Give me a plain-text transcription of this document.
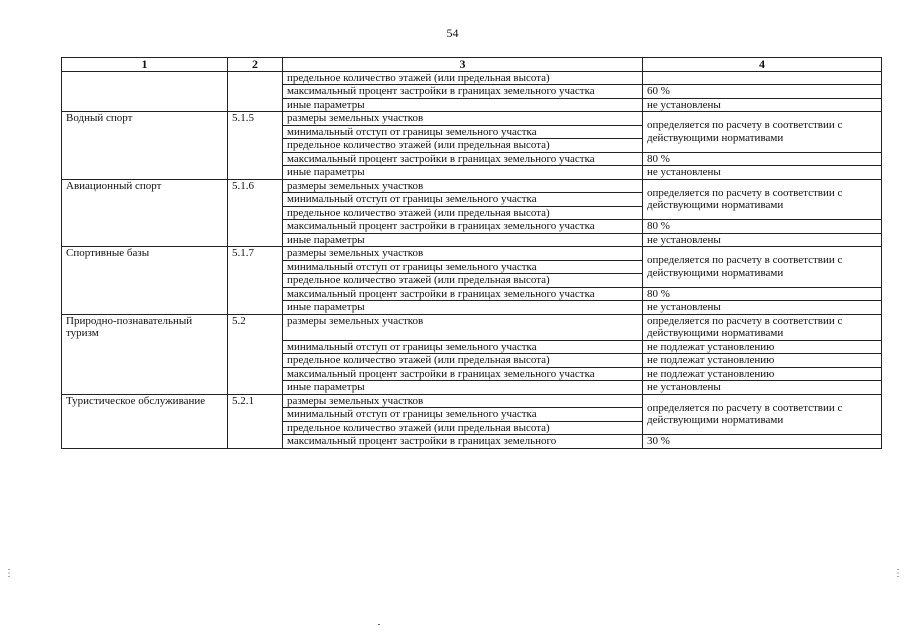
54
1	2	3	4
		предельное количество этажей (или предельная высота)	
		максимальный процент застройки в границах земельного участка	60 %
		иные параметры	не установлены
Водный спорт	5.1.5	размеры земельных участков	определяется по расчету в соответствии с действующими нормативами
		минимальный отступ от границы земельного участка	
		предельное количество этажей (или предельная высота)	
		максимальный процент застройки в границах земельного участка	80 %
		иные параметры	не установлены
Авиационный спорт	5.1.6	размеры земельных участков	определяется по расчету в соответствии с действующими нормативами
		минимальный отступ от границы земельного участка	
		предельное количество этажей (или предельная высота)	
		максимальный процент застройки в границах земельного участка	80 %
		иные параметры	не установлены
Спортивные базы	5.1.7	размеры земельных участков	определяется по расчету в соответствии с действующими нормативами
		минимальный отступ от границы земельного участка	
		предельное количество этажей (или предельная высота)	
		максимальный процент застройки в границах земельного участка	80 %
		иные параметры	не установлены
Природно-познавательный туризм	5.2	размеры земельных участков	определяется по расчету в соответствии с действующими нормативами
		минимальный отступ от границы земельного участка	не подлежат установлению
		предельное количество этажей (или предельная высота)	не подлежат установлению
		максимальный процент застройки в границах земельного участка	не подлежат установлению
		иные параметры	не установлены
Туристическое обслуживание	5.2.1	размеры земельных участков	определяется по расчету в соответствии с действующими нормативами
		минимальный отступ от границы земельного участка	
		предельное количество этажей (или предельная высота)	
		максимальный процент застройки в границах земельного	30 %
⋮	⋮
